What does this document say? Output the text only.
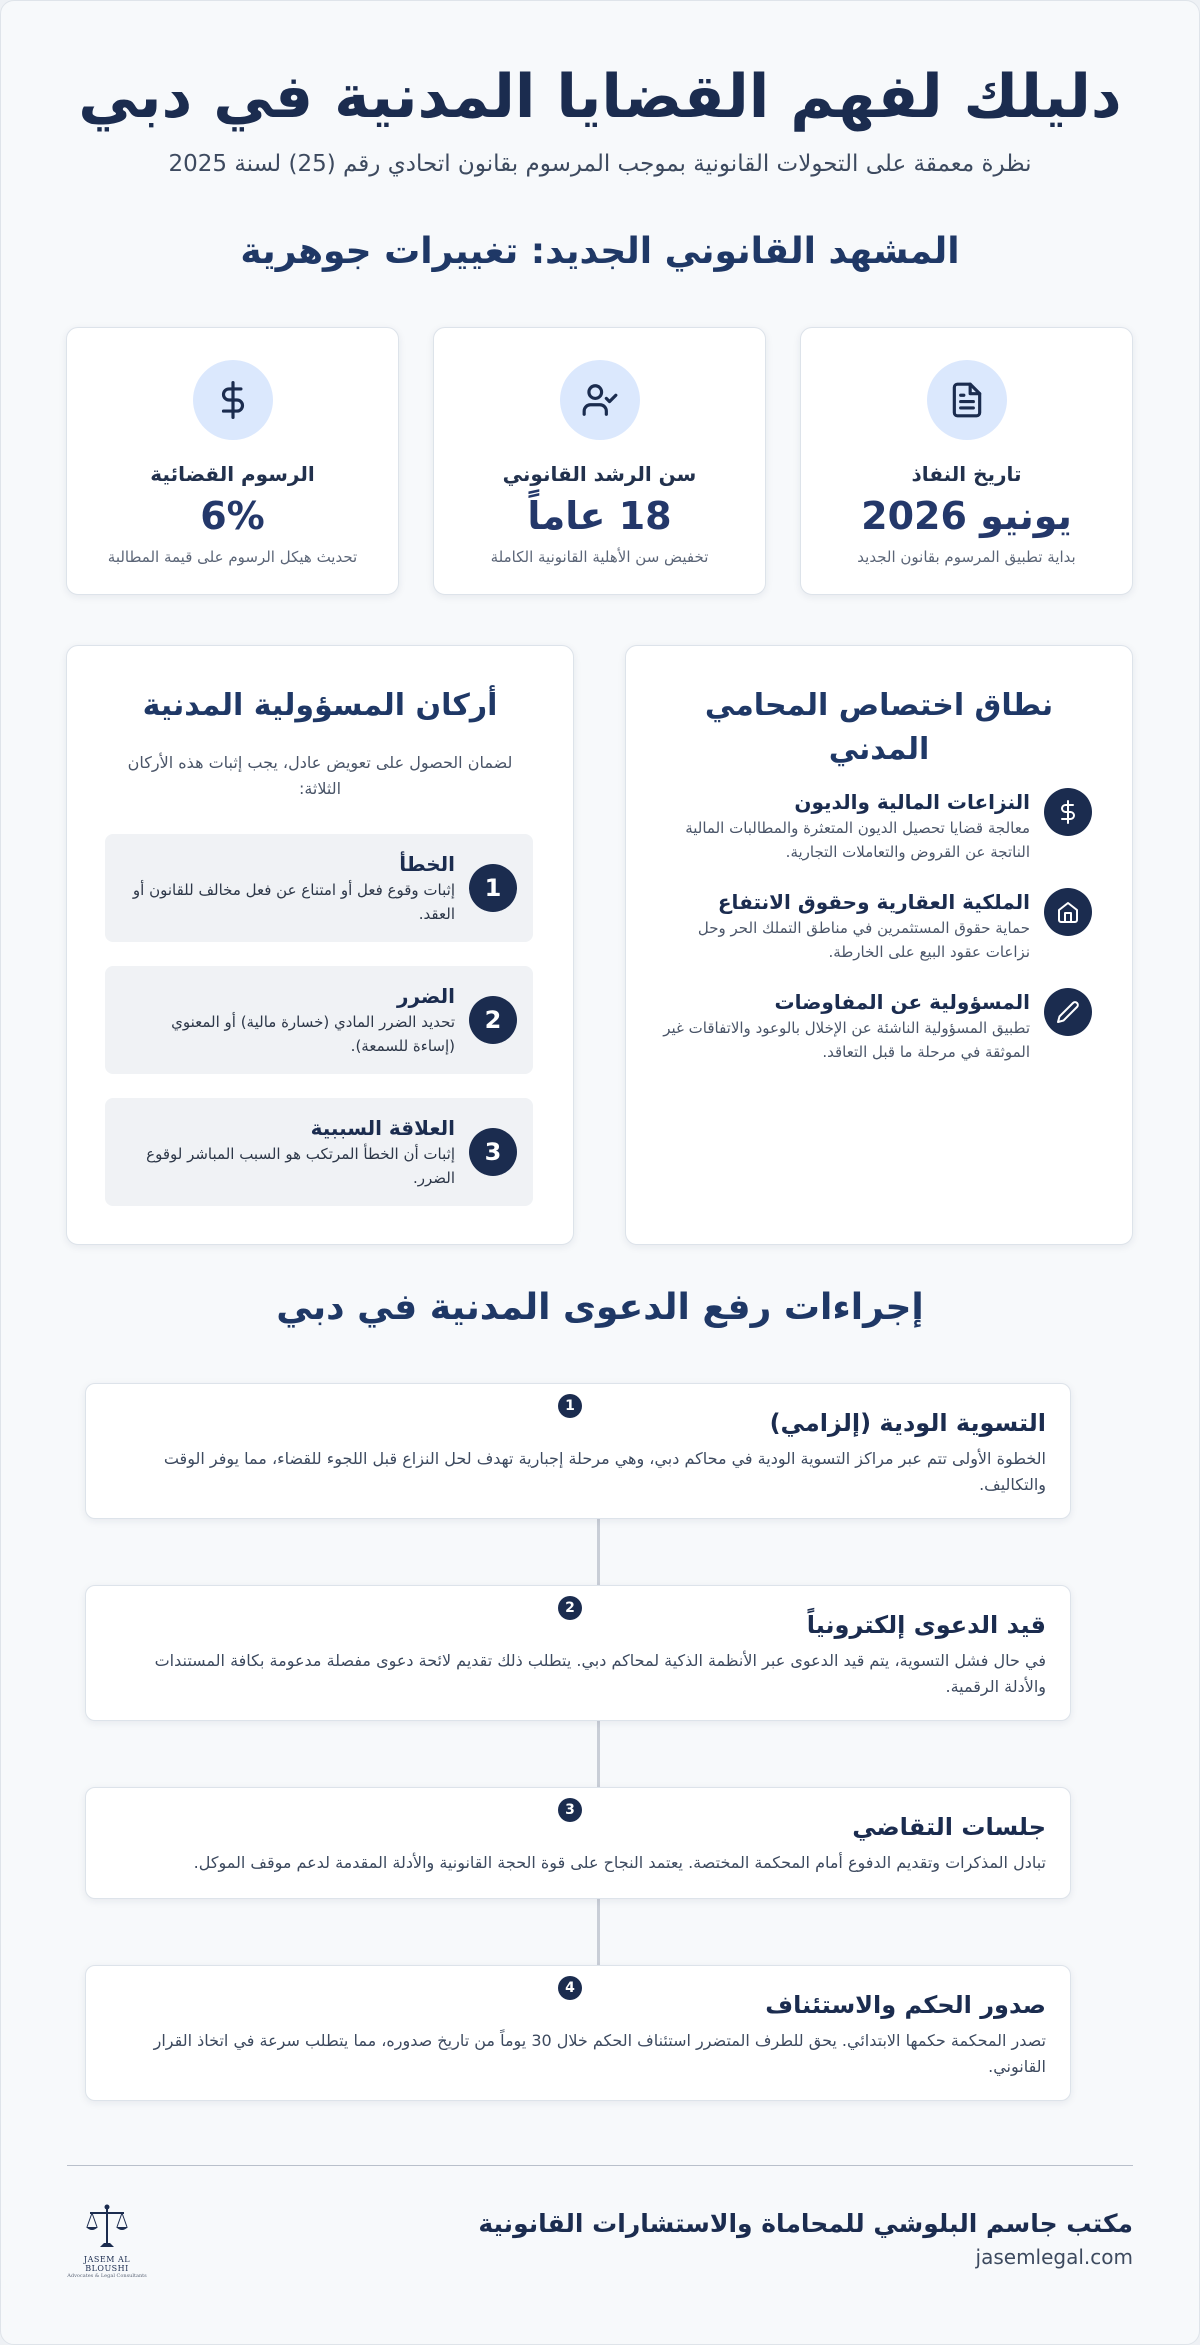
دليلك لفهم القضايا المدنية في دبي

نظرة معمقة على التحولات القانونية بموجب المرسوم بقانون اتحادي رقم (25) لسنة 2025

المشهد القانوني الجديد: تغييرات جوهرية
تاريخ النفاذ
يونيو 2026
بداية تطبيق المرسوم بقانون الجديد
سن الرشد القانوني
18 عاماً
تخفيض سن الأهلية القانونية الكاملة
الرسوم القضائية
6%
تحديث هيكل الرسوم على قيمة المطالبة
نطاق اختصاص المحامي المدني
النزاعات المالية والديون
معالجة قضايا تحصيل الديون المتعثرة والمطالبات المالية الناتجة عن القروض والتعاملات التجارية.
الملكية العقارية وحقوق الانتفاع
حماية حقوق المستثمرين في مناطق التملك الحر وحل نزاعات عقود البيع على الخارطة.
المسؤولية عن المفاوضات
تطبيق المسؤولية الناشئة عن الإخلال بالوعود والاتفاقات غير الموثقة في مرحلة ما قبل التعاقد.
أركان المسؤولية المدنية
لضمان الحصول على تعويض عادل، يجب إثبات هذه الأركان الثلاثة:
1
الخطأ
إثبات وقوع فعل أو امتناع عن فعل مخالف للقانون أو العقد.
2
الضرر
تحديد الضرر المادي (خسارة مالية) أو المعنوي (إساءة للسمعة).
3
العلاقة السببية
إثبات أن الخطأ المرتكب هو السبب المباشر لوقوع الضرر.
إجراءات رفع الدعوى المدنية في دبي
1
التسوية الودية (إلزامي)
الخطوة الأولى تتم عبر مراكز التسوية الودية في محاكم دبي، وهي مرحلة إجبارية تهدف لحل النزاع قبل اللجوء للقضاء، مما يوفر الوقت والتكاليف.
2
قيد الدعوى إلكترونياً
في حال فشل التسوية، يتم قيد الدعوى عبر الأنظمة الذكية لمحاكم دبي. يتطلب ذلك تقديم لائحة دعوى مفصلة مدعومة بكافة المستندات والأدلة الرقمية.
3
جلسات التقاضي
تبادل المذكرات وتقديم الدفوع أمام المحكمة المختصة. يعتمد النجاح على قوة الحجة القانونية والأدلة المقدمة لدعم موقف الموكل.
4
صدور الحكم والاستئناف
تصدر المحكمة حكمها الابتدائي. يحق للطرف المتضرر استئناف الحكم خلال 30 يوماً من تاريخ صدوره، مما يتطلب سرعة في اتخاذ القرار القانوني.
مكتب جاسم البلوشي للمحاماة والاستشارات القانونية
jasemlegal.com
JASEM AL BLOUSHI
Advocates & Legal Consultants
